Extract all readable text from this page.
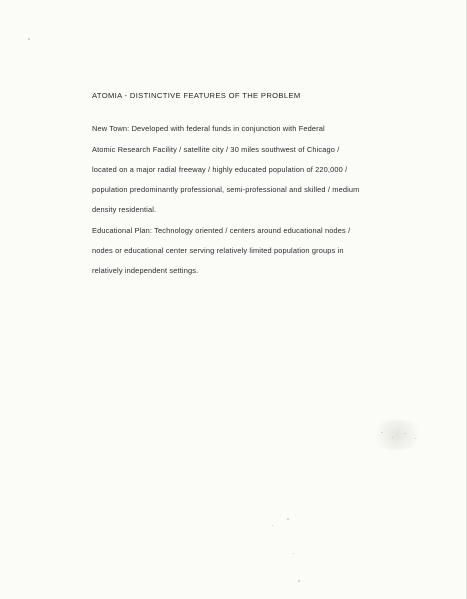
ATOMIA - DISTINCTIVE FEATURES OF THE PROBLEM
New Town: Developed with federal funds in conjunction with Federal
Atomic Research Facility / satellite city / 30 miles southwest of Chicago /
located on a major radial freeway / highly educated population of 220,000 /
population predominantly professional, semi-professional and skilled / medium
density residential.
Educational Plan: Technology oriented / centers around educational nodes /
nodes or educational center serving relatively limited population groups in
relatively independent settings.
